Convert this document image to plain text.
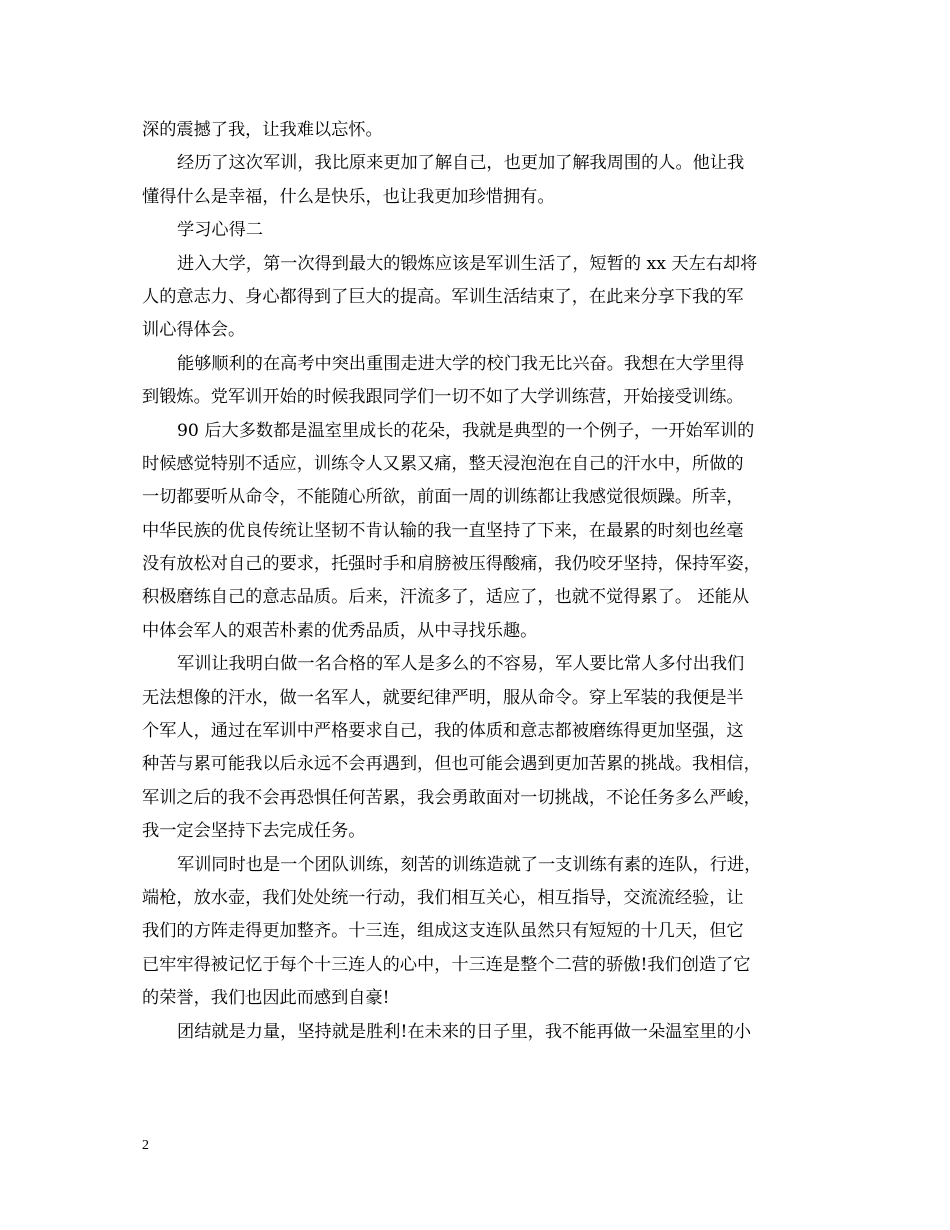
深的震撼了我，让我难以忘怀。
经历了这次军训，我比原来更加了解自己，也更加了解我周围的人。他让我
懂得什么是幸福，什么是快乐，也让我更加珍惜拥有。
学习心得二
进入大学，第一次得到最大的锻炼应该是军训生活了，短暂的 xx 天左右却将
人的意志力、身心都得到了巨大的提高。军训生活结束了，在此来分享下我的军
训心得体会。
能够顺利的在高考中突出重围走进大学的校门我无比兴奋。我想在大学里得
到锻炼。党军训开始的时候我跟同学们一切不如了大学训练营，开始接受训练。
90 后大多数都是温室里成长的花朵，我就是典型的一个例子，一开始军训的
时候感觉特别不适应，训练令人又累又痛，整天浸泡泡在自己的汗水中，所做的
一切都要听从命令，不能随心所欲，前面一周的训练都让我感觉很烦躁。所幸，
中华民族的优良传统让坚韧不肯认输的我一直坚持了下来，在最累的时刻也丝毫
没有放松对自己的要求，托强时手和肩膀被压得酸痛，我仍咬牙坚持，保持军姿，
积极磨练自己的意志品质。后来，汗流多了，适应了，也就不觉得累了。 还能从
中体会军人的艰苦朴素的优秀品质，从中寻找乐趣。
军训让我明白做一名合格的军人是多么的不容易，军人要比常人多付出我们
无法想像的汗水，做一名军人，就要纪律严明，服从命令。穿上军装的我便是半
个军人，通过在军训中严格要求自己，我的体质和意志都被磨练得更加坚强，这
种苦与累可能我以后永远不会再遇到，但也可能会遇到更加苦累的挑战。我相信，
军训之后的我不会再恐惧任何苦累，我会勇敢面对一切挑战，不论任务多么严峻，
我一定会坚持下去完成任务。
军训同时也是一个团队训练，刻苦的训练造就了一支训练有素的连队，行进，
端枪，放水壶，我们处处统一行动，我们相互关心，相互指导，交流流经验，让
我们的方阵走得更加整齐。十三连，组成这支连队虽然只有短短的十几天，但它
已牢牢得被记忆于每个十三连人的心中，十三连是整个二营的骄傲!我们创造了它
的荣誉，我们也因此而感到自豪!
团结就是力量，坚持就是胜利!在未来的日子里，我不能再做一朵温室里的小
2
